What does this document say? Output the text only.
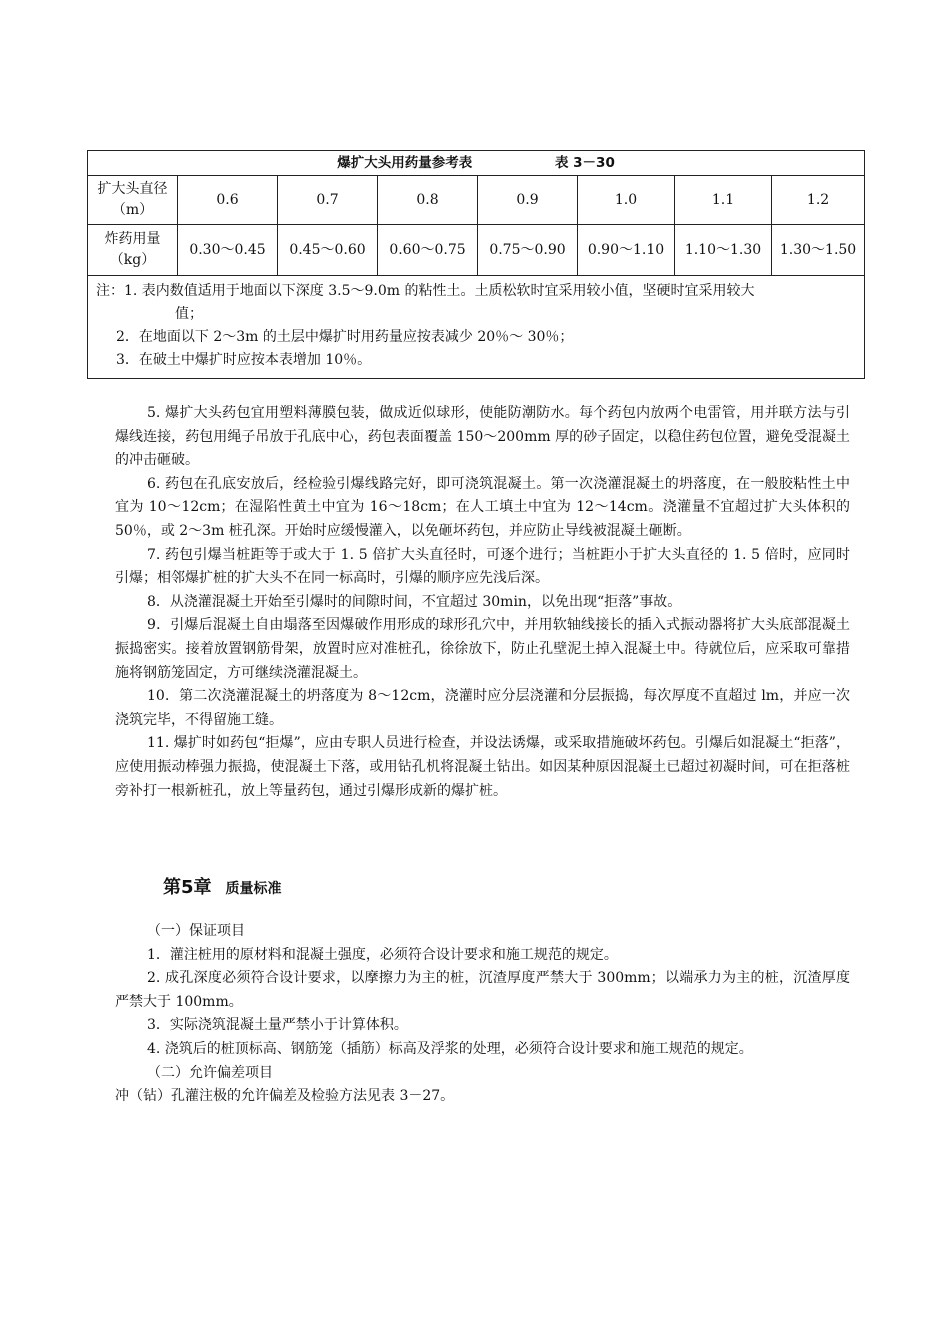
爆扩大头用药量参考表 表 3－30							
扩大头直径（m）	0.6	0.7	0.8	0.9	1.0	1.1	1.2
炸药用量（kg）	0.30～0.45	0.45～0.60	0.60～0.75	0.75～0.90	0.90～1.10	1.10～1.30	1.30～1.50

注：1. 表内数值适用于地面以下深度 3.5～9.0m 的粘性土。土质松软时宜采用较小值，坚硬时宜采用较大
值；
2．在地面以下 2～3m 的土层中爆扩时用药量应按表减少 20％～ 30％；
3．在破土中爆扩时应按本表增加 10％。							

5. 爆扩大头药包宜用塑料薄膜包装，做成近似球形，使能防潮防水。每个药包内放两个电雷管，用并联方法与引爆线连接，药包用绳子吊放于孔底中心，药包表面覆盖 150～200mm 厚的砂子固定，以稳住药包位置，避免受混凝土的冲击砸破。

6. 药包在孔底安放后，经检验引爆线路完好，即可浇筑混凝土。第一次浇灌混凝土的坍落度，在一般胶粘性土中宜为 10～12cm；在湿陷性黄土中宜为 16～18cm；在人工填土中宜为 12～14cm。浇灌量不宜超过扩大头体积的 50％，或 2～3m 桩孔深。开始时应缓慢灌入，以免砸坏药包，并应防止导线被混凝土砸断。

7. 药包引爆当桩距等于或大于 1. 5 倍扩大头直径时，可逐个进行；当桩距小于扩大头直径的 1. 5 倍时，应同时引爆；相邻爆扩桩的扩大头不在同一标高时，引爆的顺序应先浅后深。

8．从浇灌混凝土开始至引爆时的间隙时间，不宜超过 30min，以免出现“拒落”事故。

9．引爆后混凝土自由塌落至因爆破作用形成的球形孔穴中，并用软轴线接长的插入式振动器将扩大头底部混凝土振捣密实。接着放置钢筋骨架，放置时应对准桩孔，徐徐放下，防止孔壁泥土掉入混凝土中。待就位后，应采取可靠措施将钢筋笼固定，方可继续浇灌混凝土。

10．第二次浇灌混凝土的坍落度为 8～12cm，浇灌时应分层浇灌和分层振捣，每次厚度不直超过 lm，并应一次浇筑完毕，不得留施工缝。

11. 爆扩时如药包“拒爆”，应由专职人员进行检查，并设法诱爆，或采取措施破坏药包。引爆后如混凝土“拒落”，应使用振动棒强力振捣，使混凝土下落，或用钻孔机将混凝土钻出。如因某种原因混凝土已超过初凝时间，可在拒落桩旁补打一根新桩孔，放上等量药包，通过引爆形成新的爆扩桩。

第5章 质量标准

（一）保证项目

1．灌注桩用的原材料和混凝土强度，必须符合设计要求和施工规范的规定。

2. 成孔深度必须符合设计要求，以摩擦力为主的桩，沉渣厚度严禁大于 300mm；以端承力为主的桩，沉渣厚度严禁大于 100mm。

3．实际浇筑混凝土量严禁小于计算体积。

4. 浇筑后的桩顶标高、钢筋笼（插筋）标高及浮浆的处理，必须符合设计要求和施工规范的规定。

（二）允许偏差项目

冲（钻）孔灌注极的允许偏差及检验方法见表 3－27。
